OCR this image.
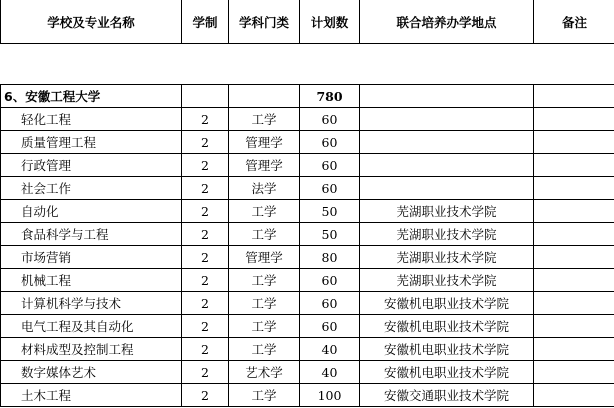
学校及专业名称	学制	学科门类	计划数	联合培养办学地点	备注
6、安徽工程大学			780		
轻化工程	2	工学	60		
质量管理工程	2	管理学	60		
行政管理	2	管理学	60		
社会工作	2	法学	60		
自动化	2	工学	50	芜湖职业技术学院	
食品科学与工程	2	工学	50	芜湖职业技术学院	
市场营销	2	管理学	80	芜湖职业技术学院	
机械工程	2	工学	60	芜湖职业技术学院	
计算机科学与技术	2	工学	60	安徽机电职业技术学院	
电气工程及其自动化	2	工学	60	安徽机电职业技术学院	
材料成型及控制工程	2	工学	40	安徽机电职业技术学院	
数字媒体艺术	2	艺术学	40	安徽机电职业技术学院	
土木工程	2	工学	100	安徽交通职业技术学院	
